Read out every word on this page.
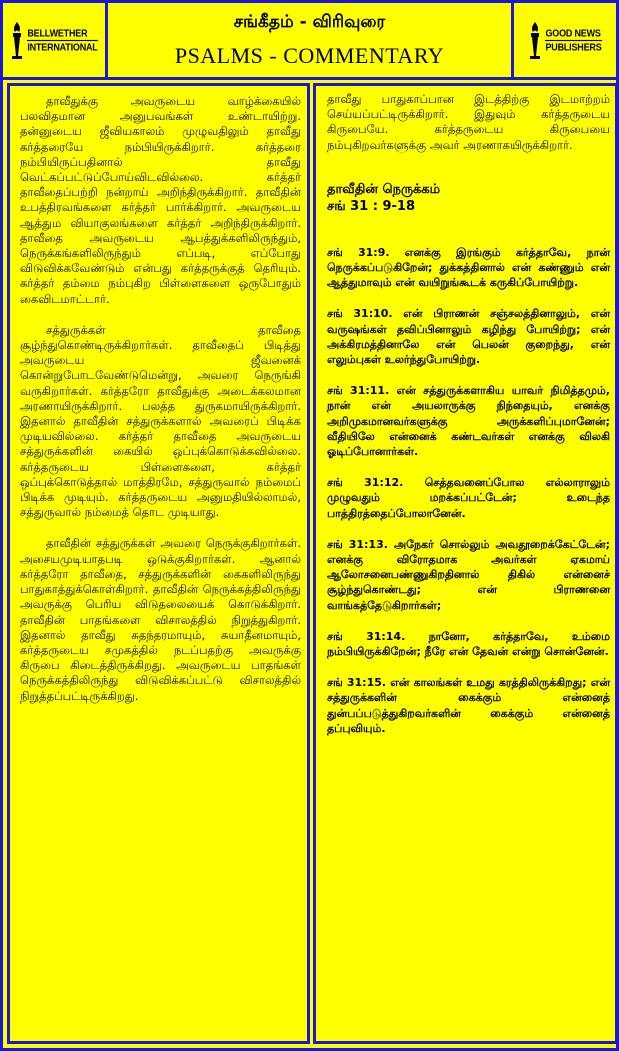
BELLWETHER
INTERNATIONAL
சங்கீதம் - விரிவுரை
PSALMS - COMMENTARY
GOOD NEWS
PUBLISHERS

தாவீதுக்கு அவருடைய வாழ்க்கையில் பலவிதமான அனுபவங்கள் உண்டாயிற்று. தன்னுடைய ஜீவியகாலம் முழுவதிலும் தாவீது கர்த்தரையே நம்பியிருக்கிறார். கர்த்தரை நம்பியிருப்பதினால் தாவீது வெட்கப்பட்டுப்போய்விடவில்லை. கர்த்தர் தாவீதைப்பற்றி நன்றாய் அறிந்திருக்கிறார். தாவீதின் உபத்திரவங்களை கர்த்தர் பார்க்கிறார். அவருடைய ஆத்தும வியாகுலங்களை கர்த்தர் அறிந்திருக்கிறார். தாவீதை அவருடைய ஆபத்துக்களிலிருந்தும், நெருக்கங்களிலிருந்தும் எப்படி, எப்போது விடுவிக்கவேண்டும் என்பது கர்த்தருக்குத் தெரியும். கர்த்தர் தம்மை நம்புகிற பிள்ளைகளை ஒருபோதும் கைவிடமாட்டார்.

சத்துருக்கள் தாவீதை சூழ்ந்துகொண்டிருக்கிறார்கள். தாவீதைப் பிடித்து அவருடைய ஜீவனைக் கொன்றுபோடவேண்டுமென்று, அவரை நெருங்கி வருகிறார்கள். கர்த்தரோ தாவீதுக்கு அடைக்கலமான அரணாயிருக்கிறார். பலத்த துருகமாயிருக்கிறார். இதனால் தாவீதின் சத்துருக்களால் அவரைப் பிடிக்க முடியவில்லை. கர்த்தர் தாவீதை அவருடைய சத்துருக்களின் கையில் ஒப்புக்கொடுக்கவில்லை. கர்த்தருடைய பிள்ளைகளை, கர்த்தர் ஒப்புக்கொடுத்தால் மாத்திரமே, சத்துருவால் நம்மைப் பிடிக்க முடியும். கர்த்தருடைய அனுமதியில்லாமல், சத்துருவால் நம்மைத் தொட முடியாது.

தாவீதின் சத்துருக்கள் அவரை நெருக்குகிறார்கள். அசையமுடியாதபடி ஒடுக்குகிறார்கள். ஆனால் கர்த்தரோ தாவீதை, சத்துருக்களின் கைகளிலிருந்து பாதுகாத்துக்கொள்கிறார். தாவீதின் நெருக்கத்திலிருந்து அவருக்கு பெரிய விடுதலையைக் கொடுக்கிறார். தாவீதின் பாதங்களை விசாலத்தில் நிறுத்துகிறார். இதனால் தாவீது சுதந்தரமாயும், சுயாதீனமாயும், கர்த்தருடைய சமுகத்தில் நடப்பதற்கு அவருக்கு கிருபை கிடைத்திருக்கிறது. அவருடைய பாதங்கள் நெருக்கத்திலிருந்து விடுவிக்கப்பட்டு விசாலத்தில் நிறுத்தப்பட்டிருக்கிறது.

தாவீது பாதுகாப்பான இடத்திற்கு இடமாற்றம் செய்யப்பட்டிருக்கிறார். இதுவும் கர்த்தருடைய கிருபையே. கர்த்தருடைய கிருபையை நம்புகிறவர்களுக்கு அவர் அரணாகயிருக்கிறார்.

தாவீதின் நெருக்கம்
சங் 31 : 9-18

சங் 31:9. எனக்கு இரங்கும் கர்த்தாவே, நான் நெருக்கப்படுகிறேன்; துக்கத்தினால் என் கண்ணும் என் ஆத்துமாவும் என் வயிறுங்கூடக் கருகிப்போயிற்று.

சங் 31:10. என் பிராணன் சஞ்சலத்தினாலும், என் வருஷங்கள் தவிப்பினாலும் கழிந்து போயிற்று; என் அக்கிரமத்தினாலே என் பெலன் குறைந்து, என் எலும்புகள் உலர்ந்துபோயிற்று.

சங் 31:11. என் சத்துருக்களாகிய யாவர் நிமித்தமும், நான் என் அயலாருக்கு நிந்தையும், எனக்கு அறிமுகமானவர்களுக்கு அருக்களிப்புமானேன்; வீதியிலே என்னைக் கண்டவர்கள் எனக்கு விலகி ஓடிப்போனார்கள்.

சங் 31:12. செத்தவனைப்போல எல்லாராலும் முழுவதும் மறக்கப்பட்டேன்; உடைந்த பாத்திரத்தைப்போலானேன்.

சங் 31:13. அநேகர் சொல்லும் அவதூறைக்கேட்டேன்; எனக்கு விரோதமாக அவர்கள் ஏகமாய் ஆலோசனைபண்ணுகிறதினால் திகில் என்னைச் சூழ்ந்துகொண்டது; என் பிராணனை வாங்கத்தேடுகிறார்கள்;

சங் 31:14. நானோ, கர்த்தாவே, உம்மை நம்பியிருக்கிறேன்; நீரே என் தேவன் என்று சொன்னேன்.

சங் 31:15. என் காலங்கள் உமது கரத்திலிருக்கிறது; என் சத்துருக்களின் கைக்கும் என்னைத் துன்பப்படுத்துகிறவர்களின் கைக்கும் என்னைத் தப்புவியும்.
